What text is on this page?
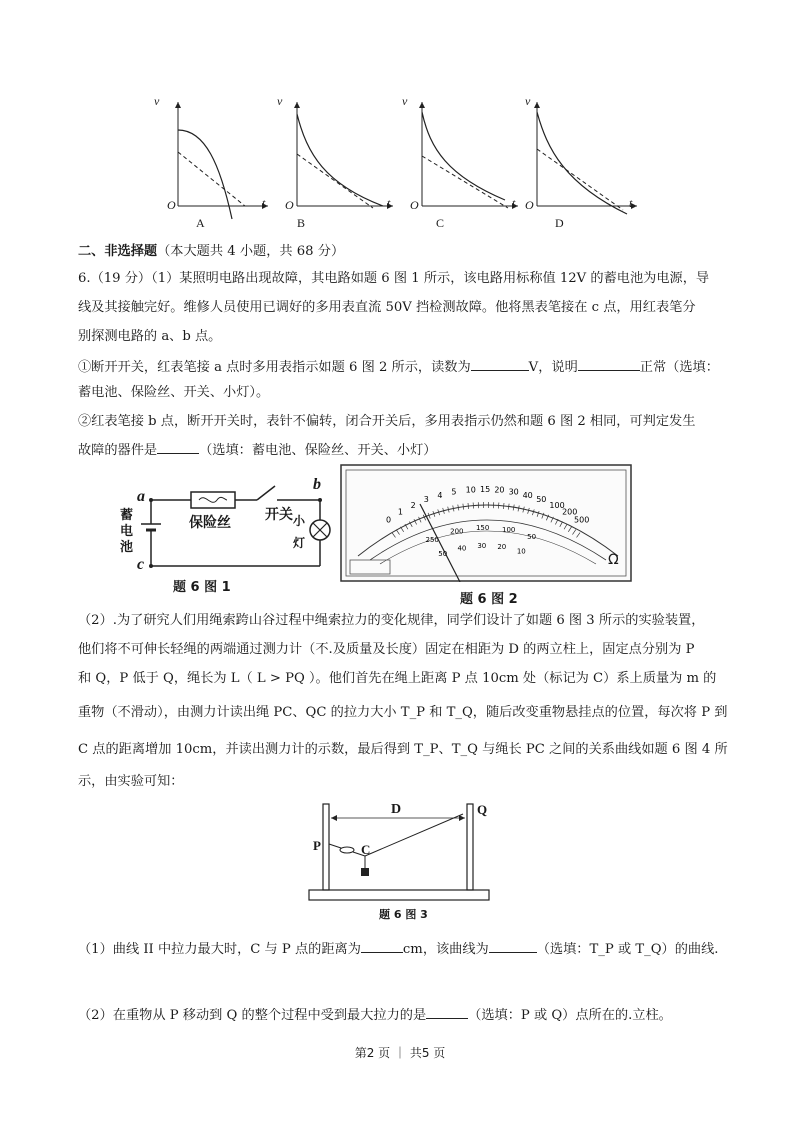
v
t
O
A
v
t
O
B
v
t
O
C
v
t
O
D
二、非选择题（本大题共 4 小题，共 68 分）
6.（19 分）（1）某照明电路出现故障，其电路如题 6 图 1 所示，该电路用标称值 12V 的蓄电池为电源，导
线及其接触完好。维修人员使用已调好的多用表直流 50V 挡检测故障。他将黑表笔接在 c 点，用红表笔分
别探测电路的 a、b 点。
①断开开关，红表笔接 a 点时多用表指示如题 6 图 2 所示，读数为	V，说明	正常（选填：
蓄电池、保险丝、开关、小灯）。
②红表笔接 b 点，断开开关时，表针不偏转，闭合开关后，多用表指示仍然和题 6 图 2 相同，可判定发生
故障的器件是	（选填：蓄电池、保险丝、开关、小灯）
a
b
c
蓄
电
池
保险丝 开关 小
灯
题 6 图 1
500
200
100
50
40
30
20
15
10
5
4
3
2
1
0
50
100
150
200
250
10
20
30
40
50	Ω
题 6 图 2
（2）.为了研究人们用绳索跨山谷过程中绳索拉力的变化规律，同学们设计了如题 6 图 3 所示的实验装置，
他们将不可伸长轻绳的两端通过测力计（不.及质量及长度）固定在相距为 D 的两立柱上，固定点分别为 P
和 Q，P 低于 Q，绳长为 L（ L > PQ ）。他们首先在绳上距离 P 点 10cm 处（标记为 C）系上质量为 m 的
重物（不滑动），由测力计读出绳 PC、QC 的拉力大小 T_P 和 T_Q，随后改变重物悬挂点的位置，每次将 P 到
C 点的距离增加 10cm，并读出测力计的示数，最后得到 T_P、T_Q 与绳长 PC 之间的关系曲线如题 6 图 4 所
示，由实验可知：
D
P
Q
C
题 6 图 3
（1）曲线 II 中拉力最大时，C 与 P 点的距离为	cm，该曲线为	（选填：T_P 或 T_Q）的曲线.
（2）在重物从 P 移动到 Q 的整个过程中受到最大拉力的是	（选填：P 或 Q）点所在的.立柱。
第2 页 ｜ 共5 页
